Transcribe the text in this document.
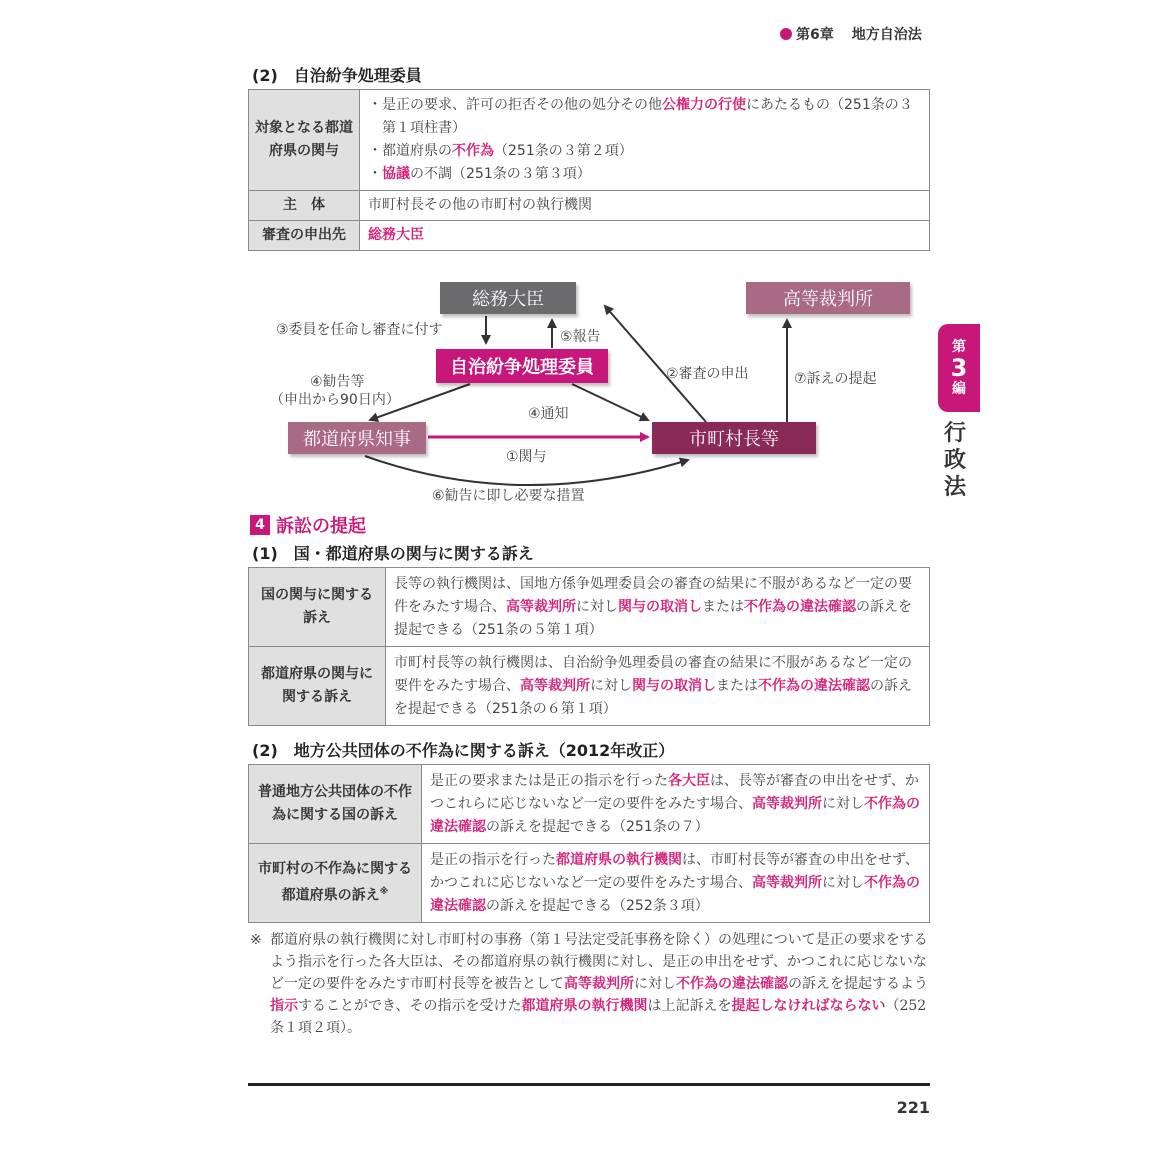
第6章 地方自治法
(2)　自治紛争処理委員
対象となる都道府県の関与	・是正の要求、許可の拒否その他の処分その他公権力の行使にあたるもの（251条の３第１項柱書）
・都道府県の不作為（251条の３第２項）
・協議の不調（251条の３第３項）

主　体	市町村長その他の市町村の執行機関
審査の申出先	総務大臣
総務大臣	高等裁判所
自治紛争処理委員
都道府県知事	市町村長等
③委員を任命し審査に付す	⑤報告
②審査の申出	⑦訴えの提起
④勧告等
（申出から90日内）
④通知
①関与
⑥勧告に即し必要な措置
第
3
編
行政法
4 訴訟の提起
(1)　国・都道府県の関与に関する訴え
国の関与に関する訴え	長等の執行機関は、国地方係争処理委員会の審査の結果に不服があるなど一定の要件をみたす場合、高等裁判所に対し関与の取消しまたは不作為の違法確認の訴えを提起できる（251条の５第１項）
都道府県の関与に関する訴え	市町村長等の執行機関は、自治紛争処理委員の審査の結果に不服があるなど一定の要件をみたす場合、高等裁判所に対し関与の取消しまたは不作為の違法確認の訴えを提起できる（251条の６第１項）
(2)　地方公共団体の不作為に関する訴え（2012年改正）
普通地方公共団体の不作為に関する国の訴え	是正の要求または是正の指示を行った各大臣は、長等が審査の申出をせず、かつこれらに応じないなど一定の要件をみたす場合、高等裁判所に対し不作為の違法確認の訴えを提起できる（251条の７）
市町村の不作為に関する都道府県の訴え※	是正の指示を行った都道府県の執行機関は、市町村長等が審査の申出をせず、かつこれに応じないなど一定の要件をみたす場合、高等裁判所に対し不作為の違法確認の訴えを提起できる（252条３項）
※ 都道府県の執行機関に対し市町村の事務（第１号法定受託事務を除く）の処理について是正の要求をするよう指示を行った各大臣は、その都道府県の執行機関に対し、是正の申出をせず、かつこれに応じないなど一定の要件をみたす市町村長等を被告として高等裁判所に対し不作為の違法確認の訴えを提起するよう指示することができ、その指示を受けた都道府県の執行機関は上記訴えを提起しなければならない（252条１項２項）。
221
